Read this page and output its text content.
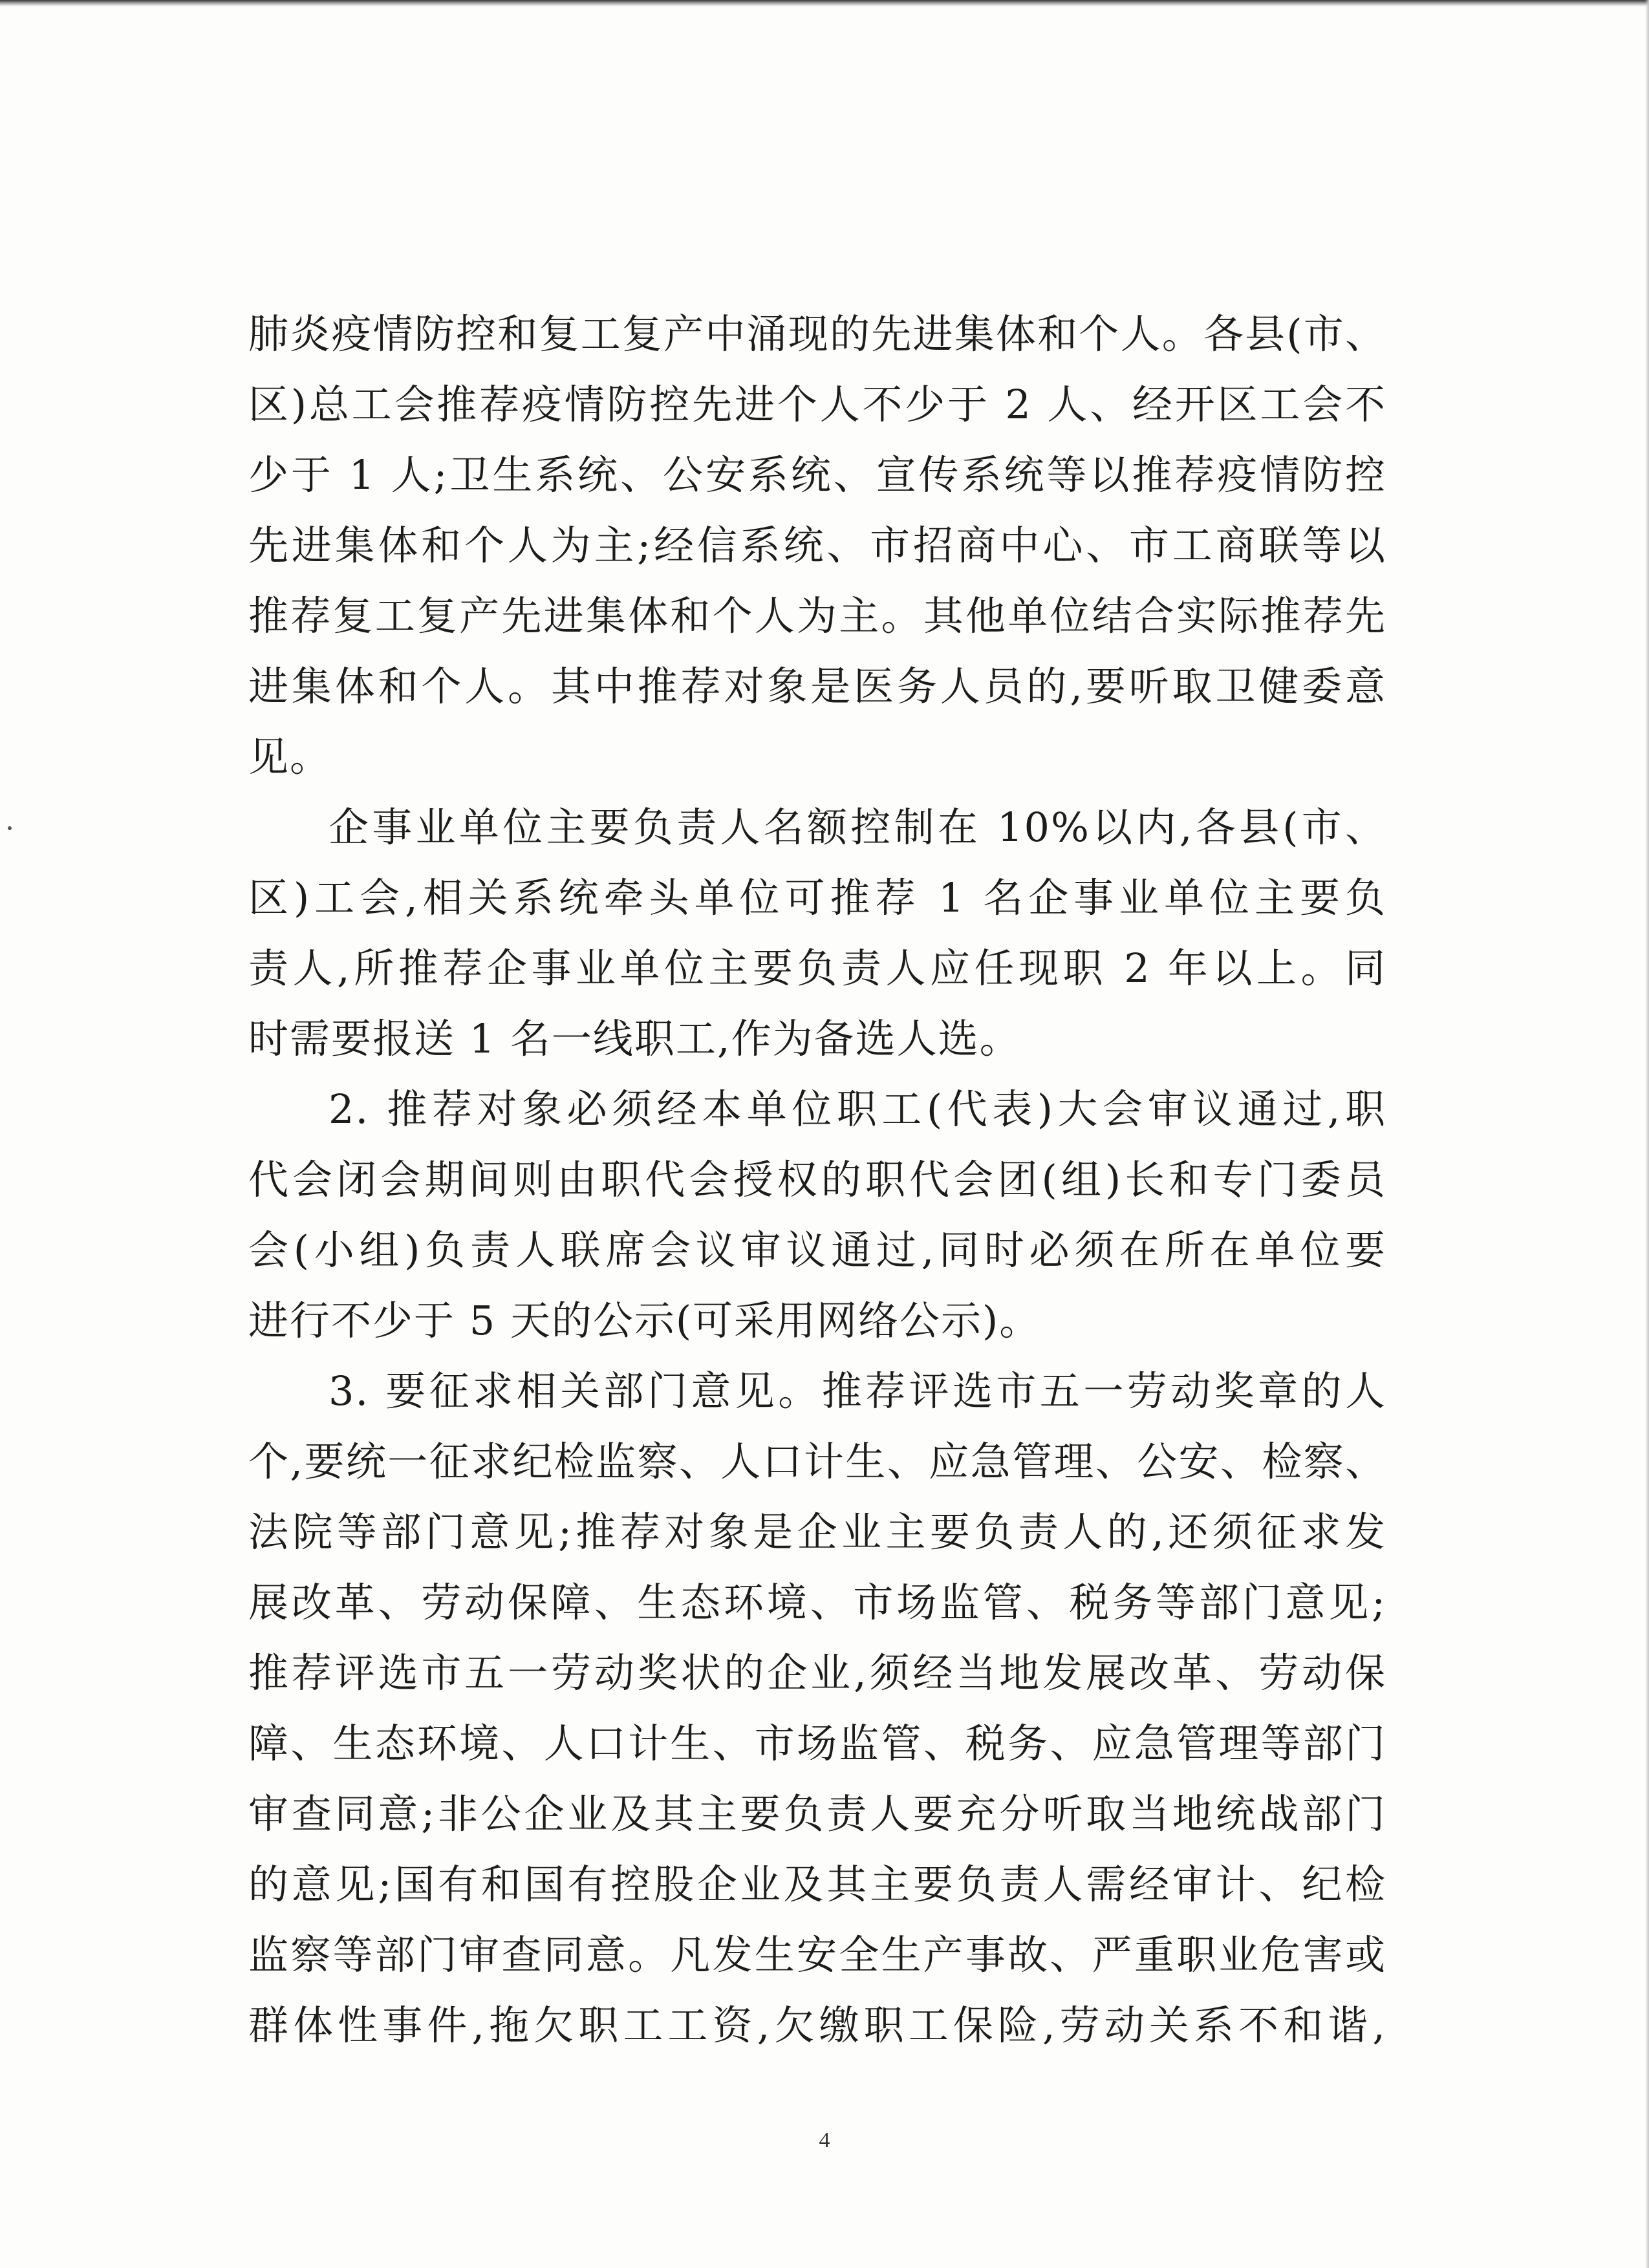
肺炎疫情防控和复工复产中涌现的先进集体和个人。各县(市、
区)总工会推荐疫情防控先进个人不少于 2 人、经开区工会不
少于 1 人;卫生系统、公安系统、宣传系统等以推荐疫情防控
先进集体和个人为主;经信系统、市招商中心、市工商联等以
推荐复工复产先进集体和个人为主。其他单位结合实际推荐先
进集体和个人。其中推荐对象是医务人员的,要听取卫健委意
见。
企事业单位主要负责人名额控制在 10%以内,各县(市、
区)工会,相关系统牵头单位可推荐 1 名企事业单位主要负
责人,所推荐企事业单位主要负责人应任现职 2 年以上。同
时需要报送 1 名一线职工,作为备选人选。
2. 推荐对象必须经本单位职工(代表)大会审议通过,职
代会闭会期间则由职代会授权的职代会团(组)长和专门委员
会(小组)负责人联席会议审议通过,同时必须在所在单位要
进行不少于 5 天的公示(可采用网络公示)。
3. 要征求相关部门意见。推荐评选市五一劳动奖章的人
个,要统一征求纪检监察、人口计生、应急管理、公安、检察、
法院等部门意见;推荐对象是企业主要负责人的,还须征求发
展改革、劳动保障、生态环境、市场监管、税务等部门意见;
推荐评选市五一劳动奖状的企业,须经当地发展改革、劳动保
障、生态环境、人口计生、市场监管、税务、应急管理等部门
审查同意;非公企业及其主要负责人要充分听取当地统战部门
的意见;国有和国有控股企业及其主要负责人需经审计、纪检
监察等部门审查同意。凡发生安全生产事故、严重职业危害或
群体性事件,拖欠职工工资,欠缴职工保险,劳动关系不和谐,
4
